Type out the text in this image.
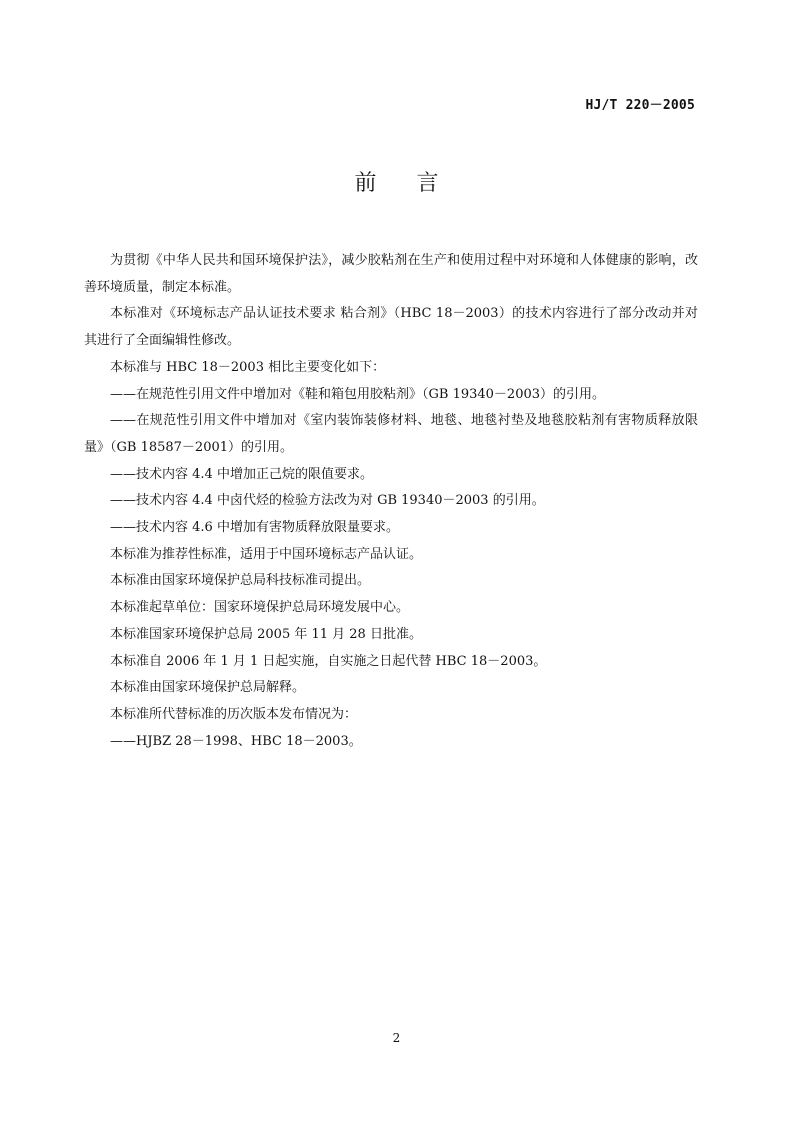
HJ/T 220－2005
前 言

为贯彻《中华人民共和国环境保护法》，减少胶粘剂在生产和使用过程中对环境和人体健康的影响，改善环境质量，制定本标准。

本标准对《环境标志产品认证技术要求 粘合剂》（HBC 18－2003）的技术内容进行了部分改动并对其进行了全面编辑性修改。

本标准与 HBC 18－2003 相比主要变化如下：

——在规范性引用文件中增加对《鞋和箱包用胶粘剂》（GB 19340－2003）的引用。

——在规范性引用文件中增加对《室内装饰装修材料、地毯、地毯衬垫及地毯胶粘剂有害物质释放限量》（GB 18587－2001）的引用。

——技术内容 4.4 中增加正己烷的限值要求。

——技术内容 4.4 中卤代烃的检验方法改为对 GB 19340－2003 的引用。

——技术内容 4.6 中增加有害物质释放限量要求。

本标准为推荐性标准，适用于中国环境标志产品认证。

本标准由国家环境保护总局科技标准司提出。

本标准起草单位：国家环境保护总局环境发展中心。

本标准国家环境保护总局 2005 年 11 月 28 日批准。

本标准自 2006 年 1 月 1 日起实施，自实施之日起代替 HBC 18－2003。

本标准由国家环境保护总局解释。

本标准所代替标准的历次版本发布情况为：

——HJBZ 28－1998、HBC 18－2003。

2
